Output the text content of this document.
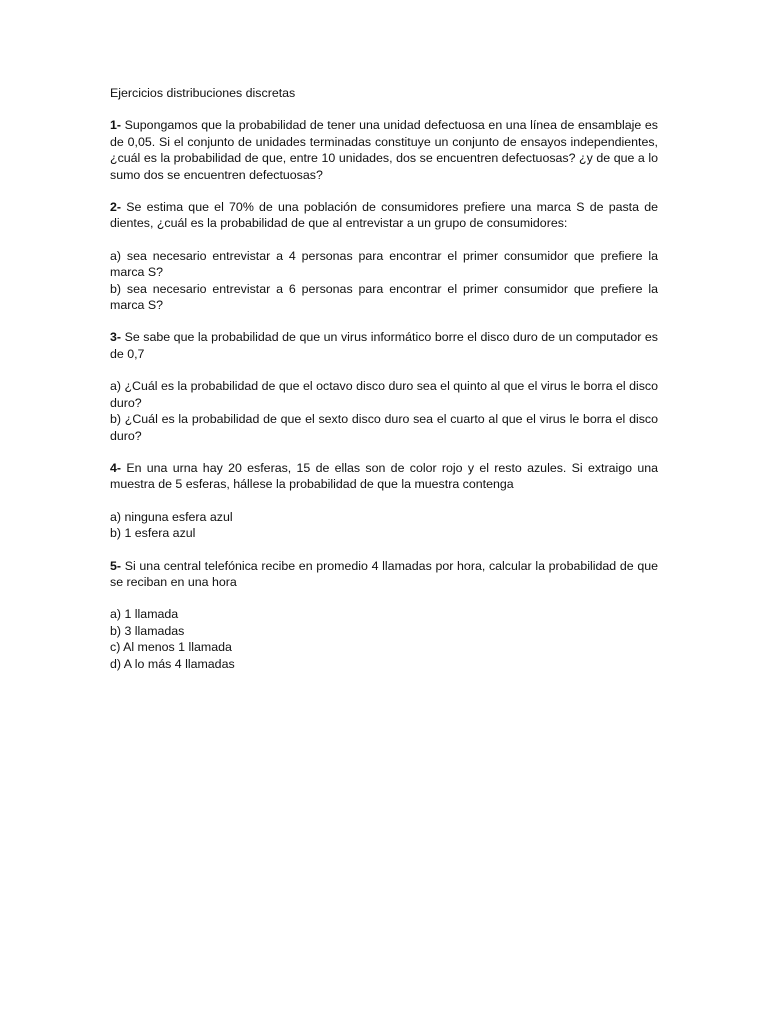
Ejercicios distribuciones discretas

1- Supongamos que la probabilidad de tener una unidad defectuosa en una línea de ensamblaje es de 0,05. Si el conjunto de unidades terminadas constituye un conjunto de ensayos independientes, ¿cuál es la probabilidad de que, entre 10 unidades, dos se encuentren defectuosas? ¿y de que a lo sumo dos se encuentren defectuosas?

2- Se estima que el 70% de una población de consumidores prefiere una marca S de pasta de dientes, ¿cuál es la probabilidad de que al entrevistar a un grupo de consumidores:

a) sea necesario entrevistar a 4 personas para encontrar el primer consumidor que prefiere la marca S?

b) sea necesario entrevistar a 6 personas para encontrar el primer consumidor que prefiere la marca S?

3- Se sabe que la probabilidad de que un virus informático borre el disco duro de un computador es de 0,7

a) ¿Cuál es la probabilidad de que el octavo disco duro sea el quinto al que el virus le borra el disco duro?

b) ¿Cuál es la probabilidad de que el sexto disco duro sea el cuarto al que el virus le borra el disco duro?

4- En una urna hay 20 esferas, 15 de ellas son de color rojo y el resto azules. Si extraigo una muestra de 5 esferas, hállese la probabilidad de que la muestra contenga

a) ninguna esfera azul

b) 1 esfera azul

5- Si una central telefónica recibe en promedio 4 llamadas por hora, calcular la probabilidad de que se reciban en una hora

a) 1 llamada

b) 3 llamadas

c) Al menos 1 llamada

d) A lo más 4 llamadas
